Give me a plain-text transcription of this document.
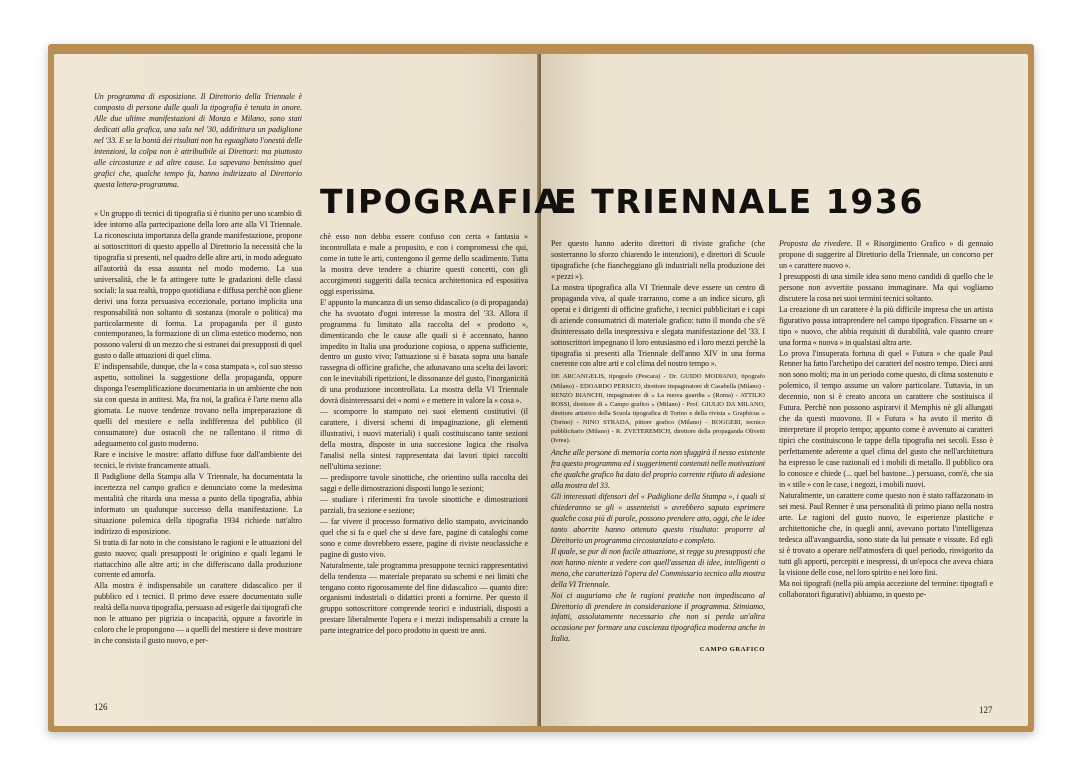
Un programma di esposizione. Il Direttorio della Triennale è composto di persone dalle quali la tipografia è tenuta in onore. Alle due ultime manifestazioni di Monza e Milano, sono stati dedicati alla grafica, una sala nel '30, addirittura un padiglione nel '33. E se la bontà dei risultati non ha eguagliato l'onestà delle intenzioni, la colpa non è attribuibile ai Direttori: ma piuttosto alle circostanze e ad altre cause. Lo sapevano benissimo quei grafici che, qualche tempo fa, hanno indirizzato al Direttorio questa lettera-programma.

« Un gruppo di tecnici di tipografia si è riunito per uno scambio di idee intorno alla partecipazione della loro arte alla VI Triennale. La riconosciuta importanza della grande manifestazione, propone ai sottoscrittori di questo appello al Direttorio la necessità che la tipografia si presenti, nel quadro delle altre arti, in modo adeguato all'autorità da essa assunta nel modo moderno. La sua universalità, che le fa attingere tutte le gradazioni delle classi sociali: la sua realtà, troppo quotidiana e diffusa perchè non gliene derivi una forza persuasiva eccezionale, portano implicita una responsabilità non soltanto di sostanza (morale o politica) ma particolarmente di forma. La propaganda per il gusto contemporaneo, la formazione di un clima estetico moderno, non possono valersi di un mezzo che si estranei dai presupposti di quel gusto o dalle attuazioni di quel clima.

E' indispensabile, dunque, che la « cosa stampata », col suo stesso aspetto, sottolinei la suggestione della propaganda, oppure disponga l'esemplificazione documentaria in un ambiente che non sia con questa in antitesi. Ma, fra noi, la grafica è l'arte meno alla giornata. Le nuove tendenze trovano nella impreparazione di quelli del mestiere e nella indifferenza del pubblico (il consumatore) due ostacoli che ne rallentano il ritmo di adeguamento col gusto moderno.

Rare e incisive le mostre: affatto diffuse fuor dall'ambiente dei tecnici, le riviste francamente attuali.

Il Padiglione della Stampa alla V Triennale, ha documentata la incertezza nel campo grafico e denunciato come la medesima mentalità che ritarda una messa a punto della tipografia, abbia informato un qualunque successo della manifestazione. La situazione polemica della tipografia 1934 richiede tutt'altro indirizzo di esposizione.

Si tratta di far noto in che consistano le ragioni e le attuazioni del gusto nuovo; quali presupposti le originino e quali legami le riattacchino alle altre arti; in che differiscano dalla produzione corrente ed amorfa.

Alla mostra è indispensabile un carattere didascalico per il pubblico ed i tecnici. Il primo deve essere documentato sulle realtà della nuova tipografia, persuaso ad esigerle dai tipografi che non le attuano per pigrizia o incapacità, oppure a favorirle in coloro che le propongono — a quelli del mestiere si deve mostrare in che consista il gusto nuovo, e per-

chè esso non debba essere confuso con certa « fantasia » incontrollata e male a proposito, e con i compromessi che qui, come in tutte le arti, contengono il germe dello scadimento. Tutta la mostra deve tendere a chiarire questi concetti, con gli accorgimenti suggeriti dalla tecnica architettonica ed espositiva oggi esperissima.

E' appunto la mancanza di un senso didascalico (o di propaganda) che ha svuotato d'ogni interesse la mostra del '33. Allora il programma fu limitato alla raccolta del « prodotto », dimenticando che le cause alle quali si è accennato, hanno impedito in Italia una produzione copiosa, o appena sufficiente, dentro un gusto vivo; l'attuazione si è basata sopra una banale rassegna di officine grafiche, che adunavano una scelta dei lavori: con le inevitabili ripetizioni, le dissonanze del gusto, l'inorganicità di una produzione incontrollata. La mostra della VI Triennale dovrà disinteressarsi dei « nomi » e mettere in valore la « cosa ».

— scomporre lo stampato nei suoi elementi costitutivi (il carattere, i diversi schemi di impaginazione, gli elementi illustrativi, i nuovi materiali) i quali costituiscano tante sezioni della mostra, disposte in una succesione logica che risolva l'analisi nella sintesi rappresentata dai lavori tipici raccolti nell'ultima sezione:

— predisporre tavole sinottiche, che orientino sulla raccolta dei saggi e delle dimostrazioni disposti lungo le sezioni;

— studiare i riferimenti fra tavole sinottiche e dimostrazioni parziali, fra sezione e sezione;

— far vivere il processo formativo dello stampato, avvicinando quel che si fa e quel che si deve fare, pagine di cataloghi come sono e come dovrebbero essere, pagine di riviste neoclassiche e pagine di gusto vivo.

Naturalmente, tale programma presuppone tecnici rappresentativi della tendenza — materiale preparato su schemi e nei limiti che tengano conto rigorosamente del fine didascalico — quanto dire: organismi industriali o didattici pronti a fornirne. Per questo il gruppo sottoscrittore comprende teorici e industriali, disposti a prestare liberalmente l'opera e i mezzi indispensabili a creare la parte integratrice del poco prodotto in questi tre anni.

126

Per questo hanno aderito direttori di riviste grafiche (che sosterranno lo sforzo chiarendo le intenzioni), e direttori di Scuole tipografiche (che fiancheggiano gli industriali nella produzione dei « pezzi »).

La mostra tipografica alla VI Triennale deve essere un centro di propaganda viva, al quale trarranno, come a un indice sicuro, gli operai e i dirigenti di officine grafiche, i tecnici pubblicitari e i capi di aziende consumatrici di materiale grafico: tutto il mondo che s'è disinteressato della inespressiva e slegata manifestazione del '33. I sottoscrittori impegnano il loro entusiasmo ed i loro mezzi perchè la tipografia si presenti alla Triennale dell'anno XIV in una forma coerente con altre arti e col clima del nostro tempo ».

DE ARCANGELIS, tipografo (Pescara) - Dr. GUIDO MODIANO, tipografo (Milano) - EDOARDO PERSICO, direttore impaginatore di Casabella (Milano) - RENZO BIANCHI, impaginatore di « La nuova guardia » (Roma) - ATTILIO ROSSI, direttore di « Campo grafico » (Milano) - Prof. GIULIO DA MILANO, direttore artistico della Scuola tipografica di Torino e della rivista « Graphicus » (Torino) - NINO STRADA, pittore grafico (Milano) - ROGGERI, tecnico pubblicitario (Milano) - R. ZVETEREMICH, direttore della propaganda Olivetti (Ivrea).

Anche alle persone di memoria corta non sfuggirà il nesso esistente fra questo programma ed i suggerimenti contenuti nelle motivazioni che qualche grafico ha dato del proprio corrente rifiuto di adesione alla mostra del 33.

Gli interessati difensori del « Padiglione della Stampa », i quali si chiederanno se gli « assenteisti » avrebbero saputo esprimere qualche cosa più di parole, possono prendere atto, oggi, che le idee tanto aborrite hanno ottenuto questo risultato: proporre al Direttorio un programma circostanziato e completo.

Il quale, se pur di non facile attuazione, si regge su presupposti che non hanno niente a vedere con quell'assenza di idee, intelligenti o meno, che caratterizzò l'opera del Commissario tecnico alla mostra della VI Triennale.

Noi ci auguriamo che le ragioni pratiche non impediscano al Direttorio di prendere in considerazione il programma. Stimiamo, infatti, assolutamente necessario che non si perda un'altra occasione per formare una coscienza tipografica moderna anche in Italia.

CAMPO GRAFICO

Proposta da rivedere. Il « Risorgimento Grafico » di gennaio propone di suggerire al Direttorio della Triennale, un concorso per un « carattere nuovo ».

I presupposti di una simile idea sono meno candidi di quello che le persone non avvertite possano immaginare. Ma qui vogliamo discutere la cosa nei suoi termini tecnici soltanto.

La creazione di un carattere è la più difficile impresa che un artista figurativo possa intraprendere nel campo tipografico. Fissarne un « tipo » nuovo, che abbia requisiti di durabilità, vale quanto creare una forma « nuova » in qualsiasi altra arte.

Lo prova l'insuperata fortuna di quel « Futura » che quale Paul Renner ha fatto l'archetipo dei caratteri del nostro tempo. Dieci anni non sono molti; ma in un periodo come questo, di clima sostenuto e polemico, il tempo assume un valore particolare. Tuttavia, in un decennio, non si è creato ancora un carattere che sostituisca il Futura. Perchè non possono aspirarvi il Memphis nè gli allungati che da questi muovono. Il « Futura » ha avuto il merito di interpretare il proprio tempo; appunto come è avvenuto ai caratteri tipici che costituiscono le tappe della tipografia nei secoli. Esso è perfettamente aderente a quel clima del gusto che nell'architettura ha espresso le case razionali ed i mobili di metallo. Il pubblico ora lo conosce e chiede (... quel bel bastone...) persuaso, com'è, che sia in « stile » con le case, i negozi, i mobili nuovi.

Naturalmente, un carattere come questo non è stato raffazzonato in sei mesi. Paul Renner è una personalità di primo piano nella nostra arte. Le ragioni del gusto nuovo, le esperienze plastiche e architettoniche che, in quegli anni, avevano portato l'intelligenza tedesca all'avanguardia, sono state da lui pensate e vissute. Ed egli si è trovato a operare nell'atmosfera di quel periodo, rinvigorito da tutti gli apporti, percepiti e inespressi, di un'epoca che aveva chiara la visione delle cose, nel loro spirito e nei loro fini.

Ma noi tipografi (nella più ampia accezione del termine: tipografi e collaboratori figurativi) abbiamo, in questo pe-

127
TIPOGRAFIA
E TRIENNALE 1936
